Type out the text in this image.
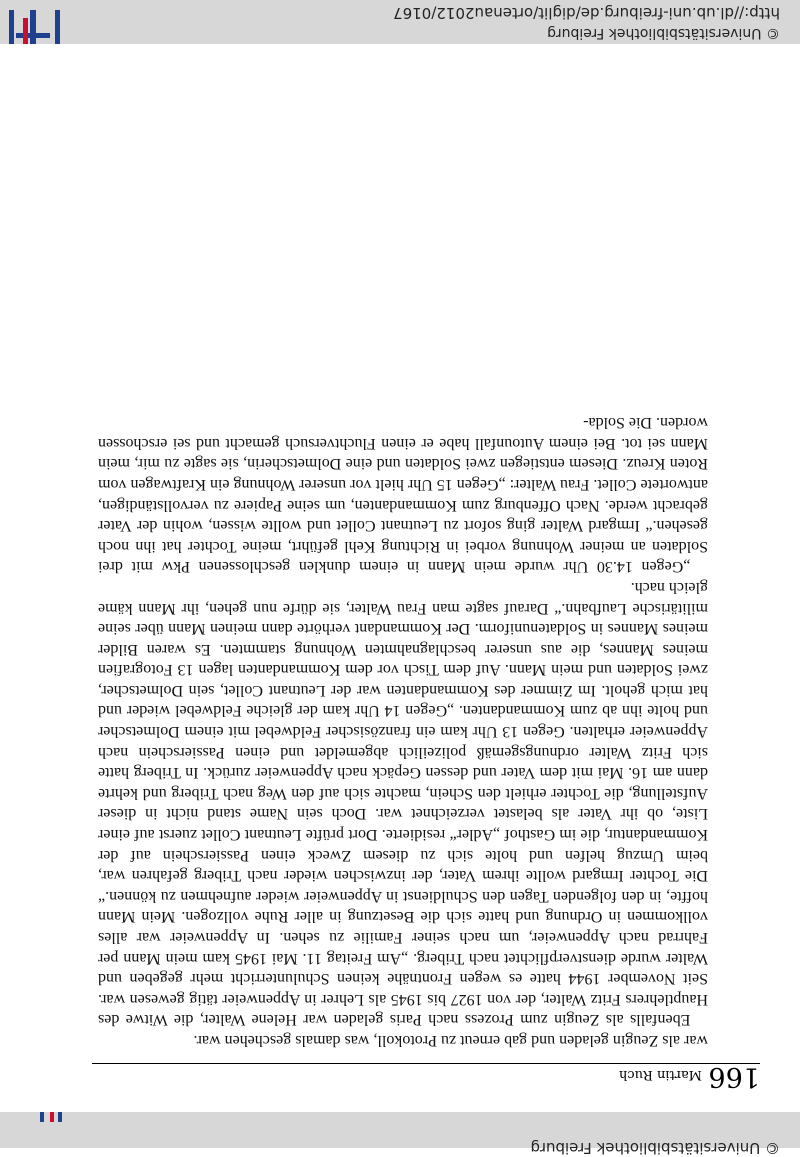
© Universitätsbibliothek Freiburg
166
Martin Ruch

war als Zeugin geladen und gab erneut zu Protokoll, was damals geschehen war.

Ebenfalls als Zeugin zum Prozess nach Paris geladen war Helene Walter, die Witwe des Hauptlehrers Fritz Walter, der von 1927 bis 1945 als Lehrer in Appenweier tätig gewesen war. Seit November 1944 hatte es wegen Frontnähe keinen Schulunterricht mehr gegeben und Walter wurde dienstverpflichtet nach Triberg. „Am Freitag 11. Mai 1945 kam mein Mann per Fahrrad nach Appenweier, um nach seiner Familie zu sehen. In Appenweier war alles vollkommen in Ordnung und hatte sich die Besetzung in aller Ruhe vollzogen. Mein Mann hoffte, in den folgenden Tagen den Schuldienst in Appenweier wieder aufnehmen zu können.“ Die Tochter Irmgard wollte ihrem Vater, der inzwischen wieder nach Triberg gefahren war, beim Umzug helfen und holte sich zu diesem Zweck einen Passierschein auf der Kommandantur, die im Gasthof „Adler“ residierte. Dort prüfte Leutnant Collet zuerst auf einer Liste, ob ihr Vater als belastet verzeichnet war. Doch sein Name stand nicht in dieser Aufstellung, die Tochter erhielt den Schein, machte sich auf den Weg nach Triberg und kehrte dann am 16. Mai mit dem Vater und dessen Gepäck nach Appenweier zurück. In Triberg hatte sich Fritz Walter ordnungsgemäß polizeilich abgemeldet und einen Passierschein nach Appenweier erhalten. Gegen 13 Uhr kam ein französischer Feldwebel mit einem Dolmetscher und holte ihn ab zum Kommandanten. „Gegen 14 Uhr kam der gleiche Feldwebel wieder und hat mich geholt. Im Zimmer des Kommandanten war der Leutnant Collet, sein Dolmetscher, zwei Soldaten und mein Mann. Auf dem Tisch vor dem Kommandanten lagen 13 Fotografien meines Mannes, die aus unserer beschlagnahmten Wohnung stammten. Es waren Bilder meines Mannes in Soldatenuniform. Der Kommandant verhörte dann meinen Mann über seine militärische Laufbahn.“ Darauf sagte man Frau Walter, sie dürfe nun gehen, ihr Mann käme gleich nach.

„Gegen 14.30 Uhr wurde mein Mann in einem dunklen geschlossenen Pkw mit drei Soldaten an meiner Wohnung vorbei in Richtung Kehl geführt, meine Tochter hat ihn noch gesehen.“ Irmgard Walter ging sofort zu Leutnant Collet und wollte wissen, wohin der Vater gebracht werde. Nach Offenburg zum Kommandanten, um seine Papiere zu vervollständigen, antwortete Collet. Frau Walter: „Gegen 15 Uhr hielt vor unserer Wohnung ein Kraftwagen vom Roten Kreuz. Diesem entstiegen zwei Soldaten und eine Dolmetscherin, sie sagte zu mir, mein Mann sei tot. Bei einem Autounfall habe er einen Fluchtversuch gemacht und sei erschossen worden. Die Solda-

© Universitätsbibliothek Freiburg
http://dl.ub.uni-freiburg.de/diglit/ortenau2012/0167
